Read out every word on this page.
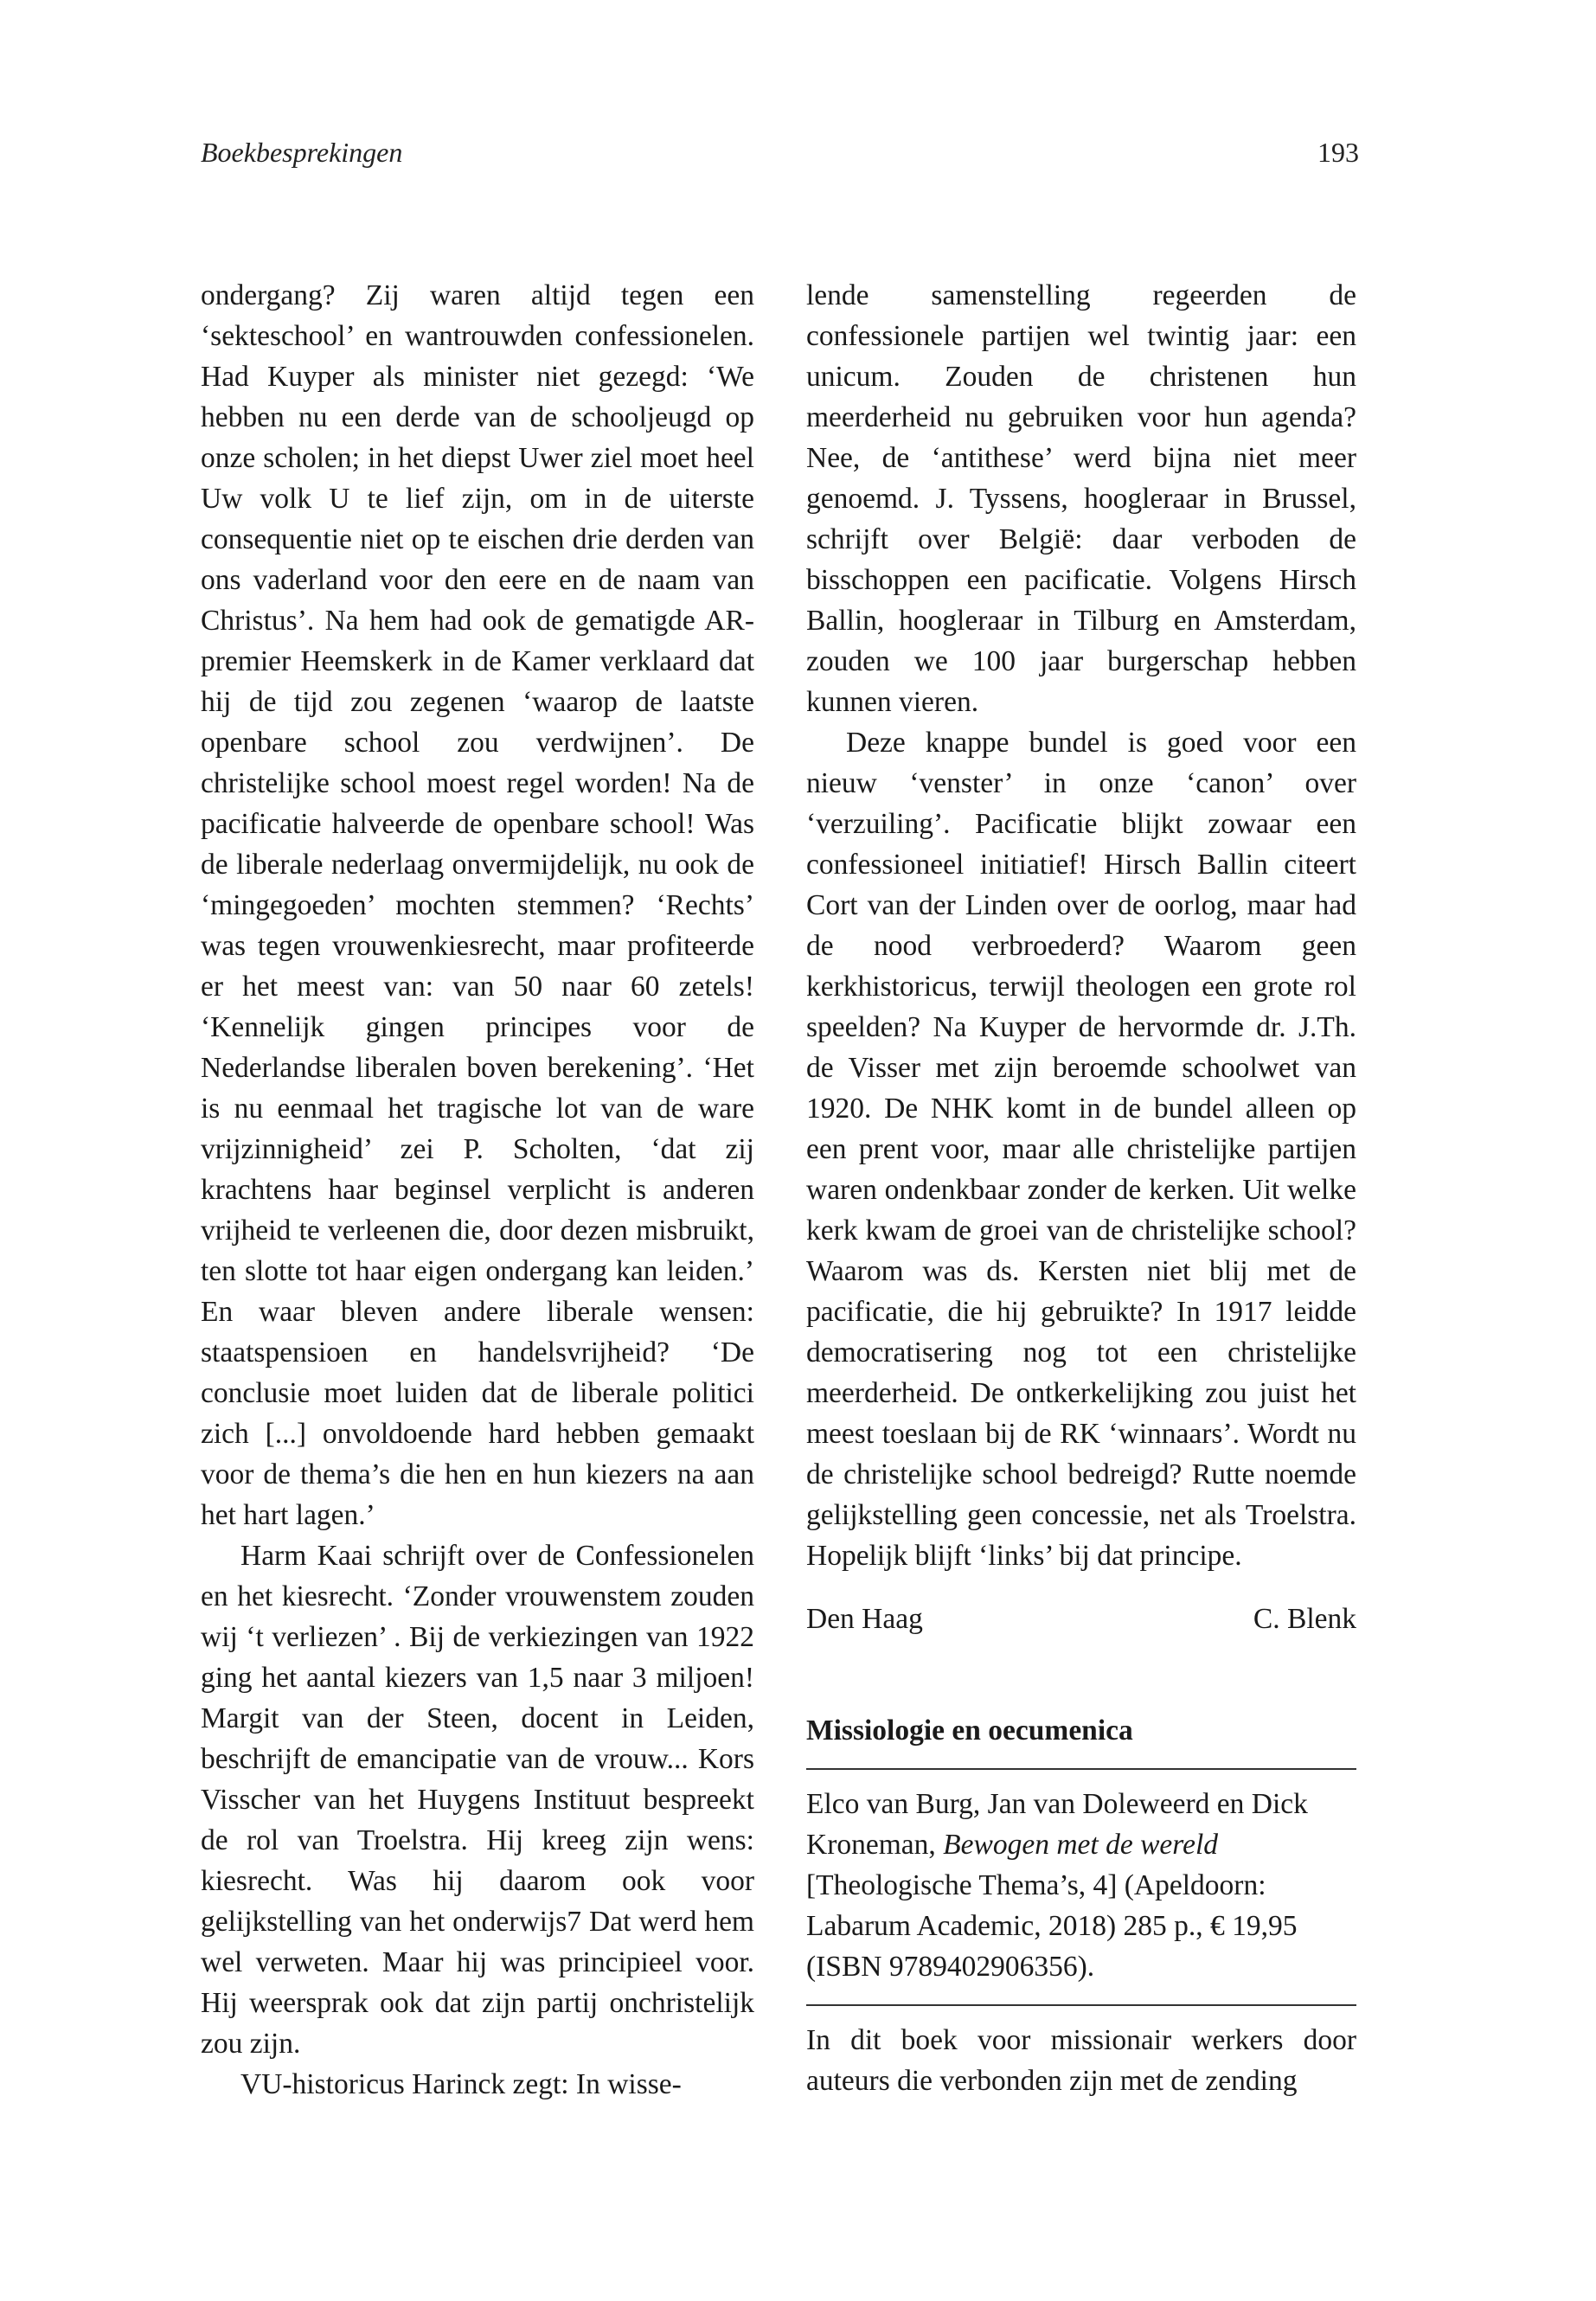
Boekbesprekingen	193

ondergang? Zij waren altijd tegen een ‘sekteschool’ en wantrouwden confessionelen. Had Kuyper als minister niet gezegd: ‘We hebben nu een derde van de schooljeugd op onze scholen; in het diepst Uwer ziel moet heel Uw volk U te lief zijn, om in de uiterste consequentie niet op te eischen drie derden van ons vaderland voor den eere en de naam van Christus’. Na hem had ook de gematigde AR-premier Heemskerk in de Kamer verklaard dat hij de tijd zou zegenen ‘waarop de laatste openbare school zou verdwijnen’. De christelijke school moest regel worden! Na de pacificatie halveerde de openbare school! Was de liberale nederlaag onvermijdelijk, nu ook de ‘mingegoeden’ mochten stemmen? ‘Rechts’ was tegen vrouwenkiesrecht, maar profiteerde er het meest van: van 50 naar 60 zetels! ‘Kennelijk gingen principes voor de Nederlandse liberalen boven berekening’. ‘Het is nu eenmaal het tragische lot van de ware vrijzinnigheid’ zei P. Scholten, ‘dat zij krachtens haar beginsel verplicht is anderen vrijheid te verleenen die, door dezen misbruikt, ten slotte tot haar eigen ondergang kan leiden.’ En waar bleven andere liberale wensen: staatspensioen en handelsvrijheid? ‘De conclusie moet luiden dat de liberale politici zich [...] onvoldoende hard hebben gemaakt voor de thema’s die hen en hun kiezers na aan het hart lagen.’

Harm Kaai schrijft over de Confessionelen en het kiesrecht. ‘Zonder vrouwenstem zouden wij ‘t verliezen’ . Bij de verkiezingen van 1922 ging het aantal kiezers van 1,5 naar 3 miljoen! Margit van der Steen, docent in Leiden, beschrijft de emancipatie van de vrouw... Kors Visscher van het Huygens Instituut bespreekt de rol van Troelstra. Hij kreeg zijn wens: kiesrecht. Was hij daarom ook voor gelijkstelling van het onderwijs7 Dat werd hem wel verweten. Maar hij was principieel voor. Hij weersprak ook dat zijn partij onchristelijk zou zijn.

VU-historicus Harinck zegt: In wisse-

lende samenstelling regeerden de confessionele partijen wel twintig jaar: een unicum. Zouden de christenen hun meerderheid nu gebruiken voor hun agenda? Nee, de ‘antithese’ werd bijna niet meer genoemd. J. Tyssens, hoogleraar in Brussel, schrijft over België: daar verboden de bisschoppen een pacificatie. Volgens Hirsch Ballin, hoogleraar in Tilburg en Amsterdam, zouden we 100 jaar burgerschap hebben kunnen vieren.

Deze knappe bundel is goed voor een nieuw ‘venster’ in onze ‘canon’ over ‘verzuiling’. Pacificatie blijkt zowaar een confessioneel initiatief! Hirsch Ballin citeert Cort van der Linden over de oorlog, maar had de nood verbroederd? Waarom geen kerkhistoricus, terwijl theologen een grote rol speelden? Na Kuyper de hervormde dr. J.Th. de Visser met zijn beroemde schoolwet van 1920. De NHK komt in de bundel alleen op een prent voor, maar alle christelijke partijen waren ondenkbaar zonder de kerken. Uit welke kerk kwam de groei van de christelijke school? Waarom was ds. Kersten niet blij met de pacificatie, die hij gebruikte? In 1917 leidde democratisering nog tot een christelijke meerderheid. De ontkerkelijking zou juist het meest toeslaan bij de RK ‘winnaars’. Wordt nu de christelijke school bedreigd? Rutte noemde gelijkstelling geen concessie, net als Troelstra. Hopelijk blijft ‘links’ bij dat principe.

Den Haag	C. Blenk
Missiologie en oecumenica

Elco van Burg, Jan van Doleweerd en Dick Kroneman, Bewogen met de wereld [Theologische Thema’s, 4] (Apeldoorn: Labarum Academic, 2018) 285 p., € 19,95 (ISBN 9789402906356).

In dit boek voor missionair werkers door auteurs die verbonden zijn met de zending
